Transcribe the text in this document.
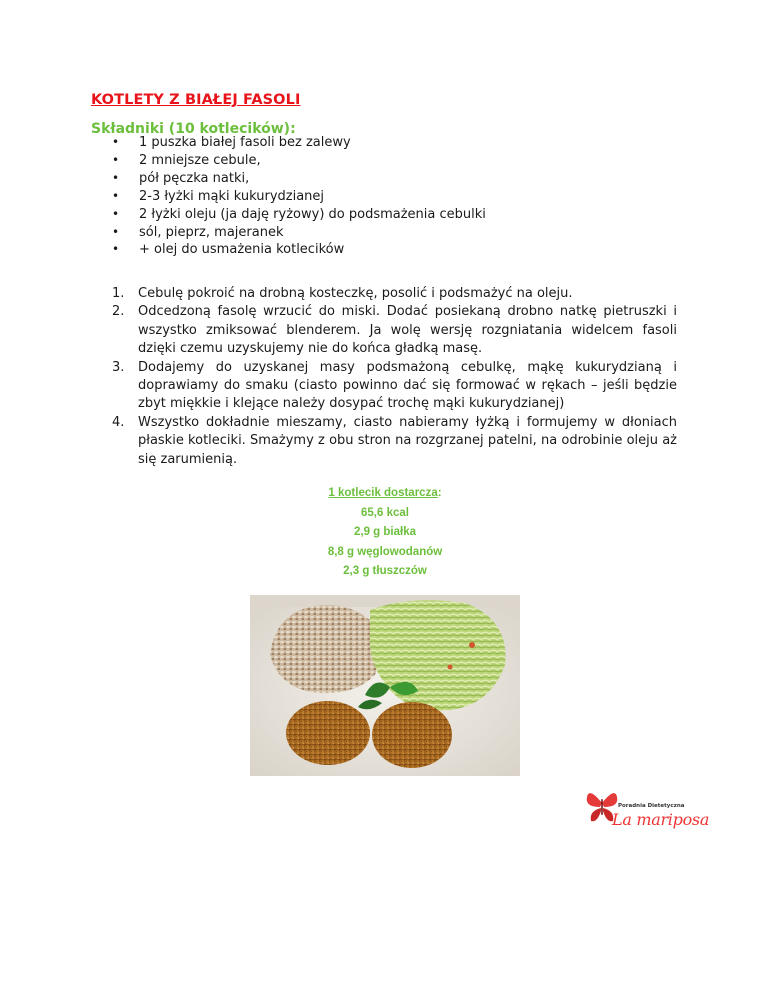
KOTLETY Z BIAŁEJ FASOLI
Składniki (10 kotlecików):
• 1 puszka białej fasoli bez zalewy
• 2 mniejsze cebule,
• pół pęczka natki,
• 2-3 łyżki mąki kukurydzianej
• 2 łyżki oleju (ja daję ryżowy) do podsmażenia cebulki
• sól, pieprz, majeranek
• + olej do usmażenia kotlecików
1. Cebulę pokroić na drobną kosteczkę, posolić i podsmażyć na oleju.
2. Odcedzoną fasolę wrzucić do miski. Dodać posiekaną drobno natkę pietruszki i wszystko zmiksować blenderem. Ja wolę wersję rozgniatania widelcem fasoli dzięki czemu uzyskujemy nie do końca gładką masę.
3. Dodajemy do uzyskanej masy podsmażoną cebulkę, mąkę kukurydzianą i doprawiamy do smaku (ciasto powinno dać się formować w rękach – jeśli będzie zbyt miękkie i klejące należy dosypać trochę mąki kukurydzianej)
4. Wszystko dokładnie mieszamy, ciasto nabieramy łyżką i formujemy w dłoniach płaskie kotleciki. Smażymy z obu stron na rozgrzanej patelni, na odrobinie oleju aż się zarumienią.
1 kotlecik dostarcza:
65,6 kcal
2,9 g białka
8,8 g węglowodanów
2,3 g tłuszczów
Poradnia Dietetyczna
La mariposa
